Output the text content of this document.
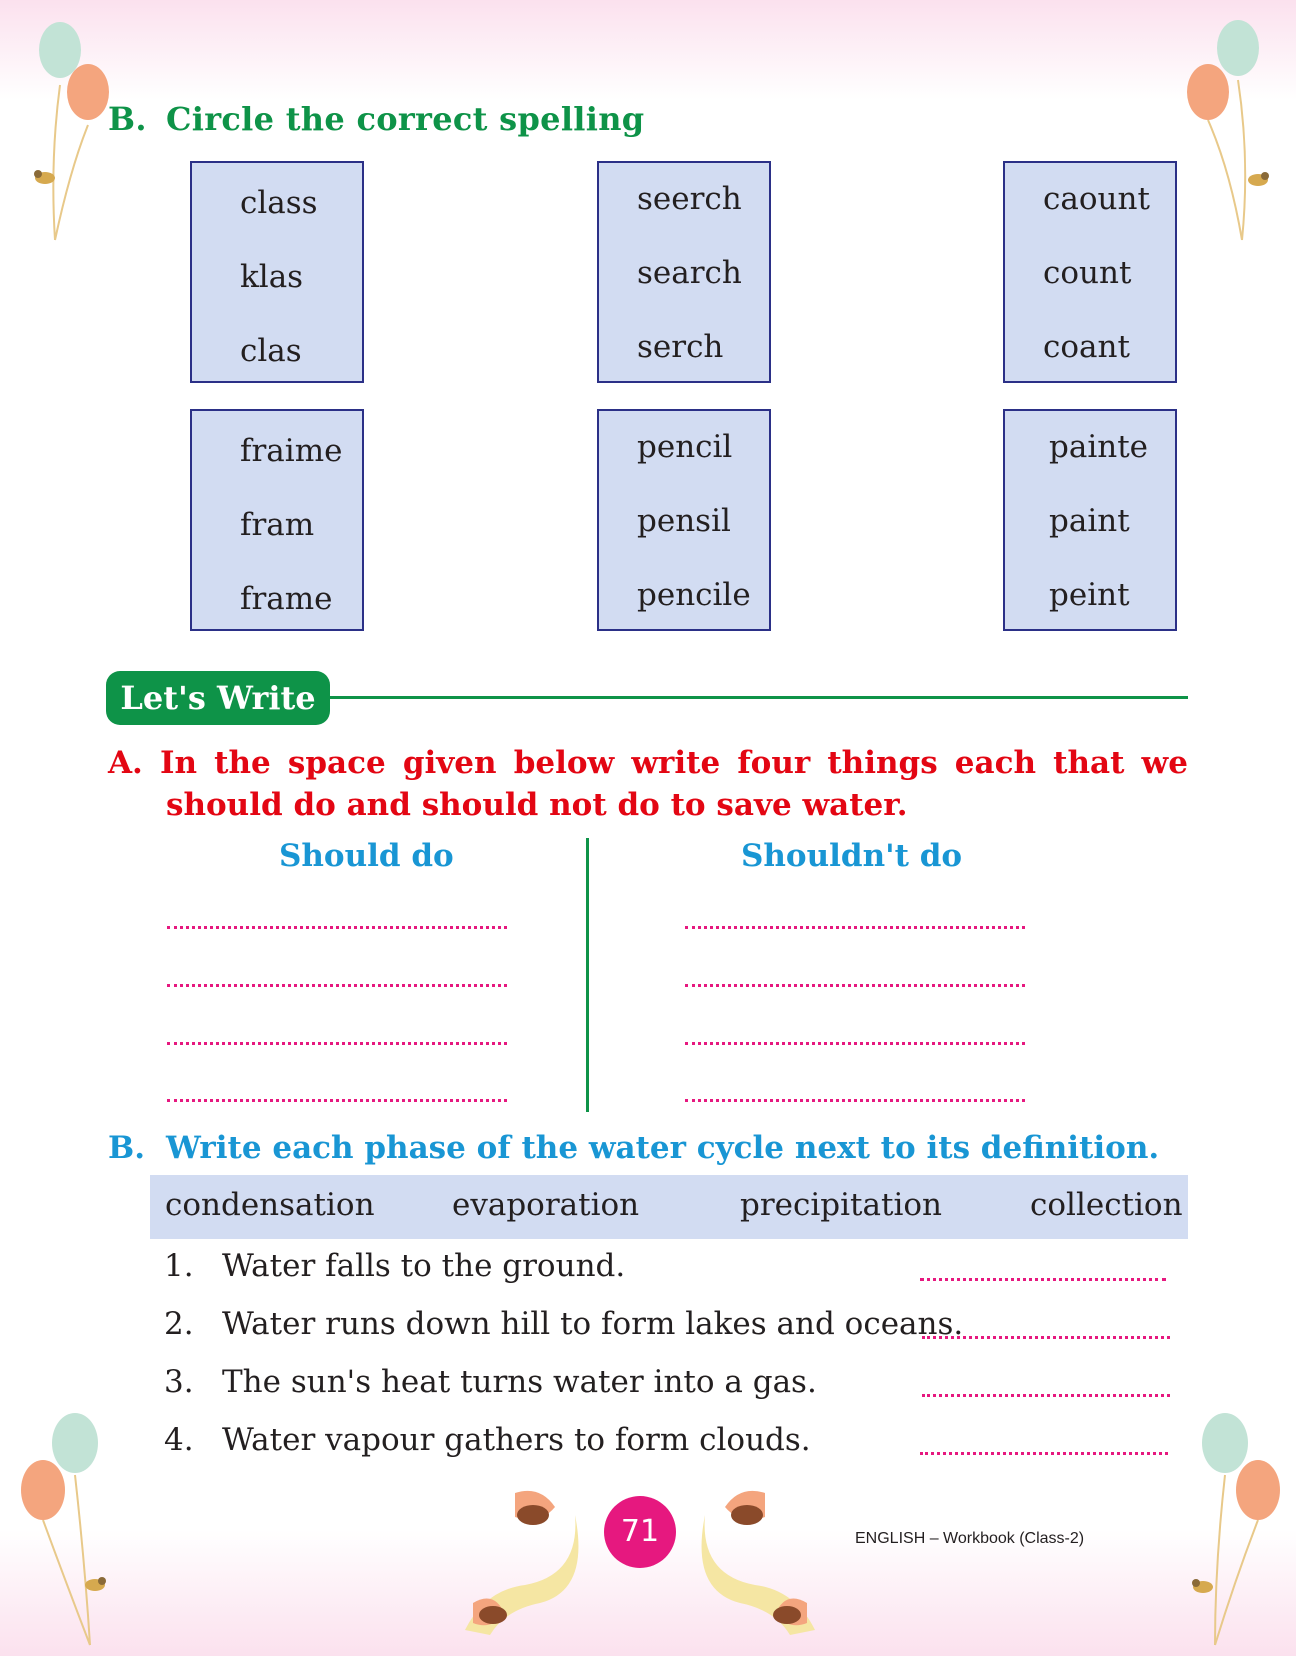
B. Circle the correct spelling
class
klas
clas
seerch
search
serch
caount
count
coant
fraime
fram
frame
pencil
pensil
pencile
painte
paint
peint
Let's Write
A. In the space given below write four things each that we
should do and should not do to save water.
Should do	Shouldn't do
B. Write each phase of the water cycle next to its definition.
condensation evaporation	precipitation	collection
1. Water falls to the ground.
2. Water runs down hill to form lakes and oceans.
3. The sun's heat turns water into a gas.
4. Water vapour gathers to form clouds.
71	ENGLISH – Workbook (Class-2)
